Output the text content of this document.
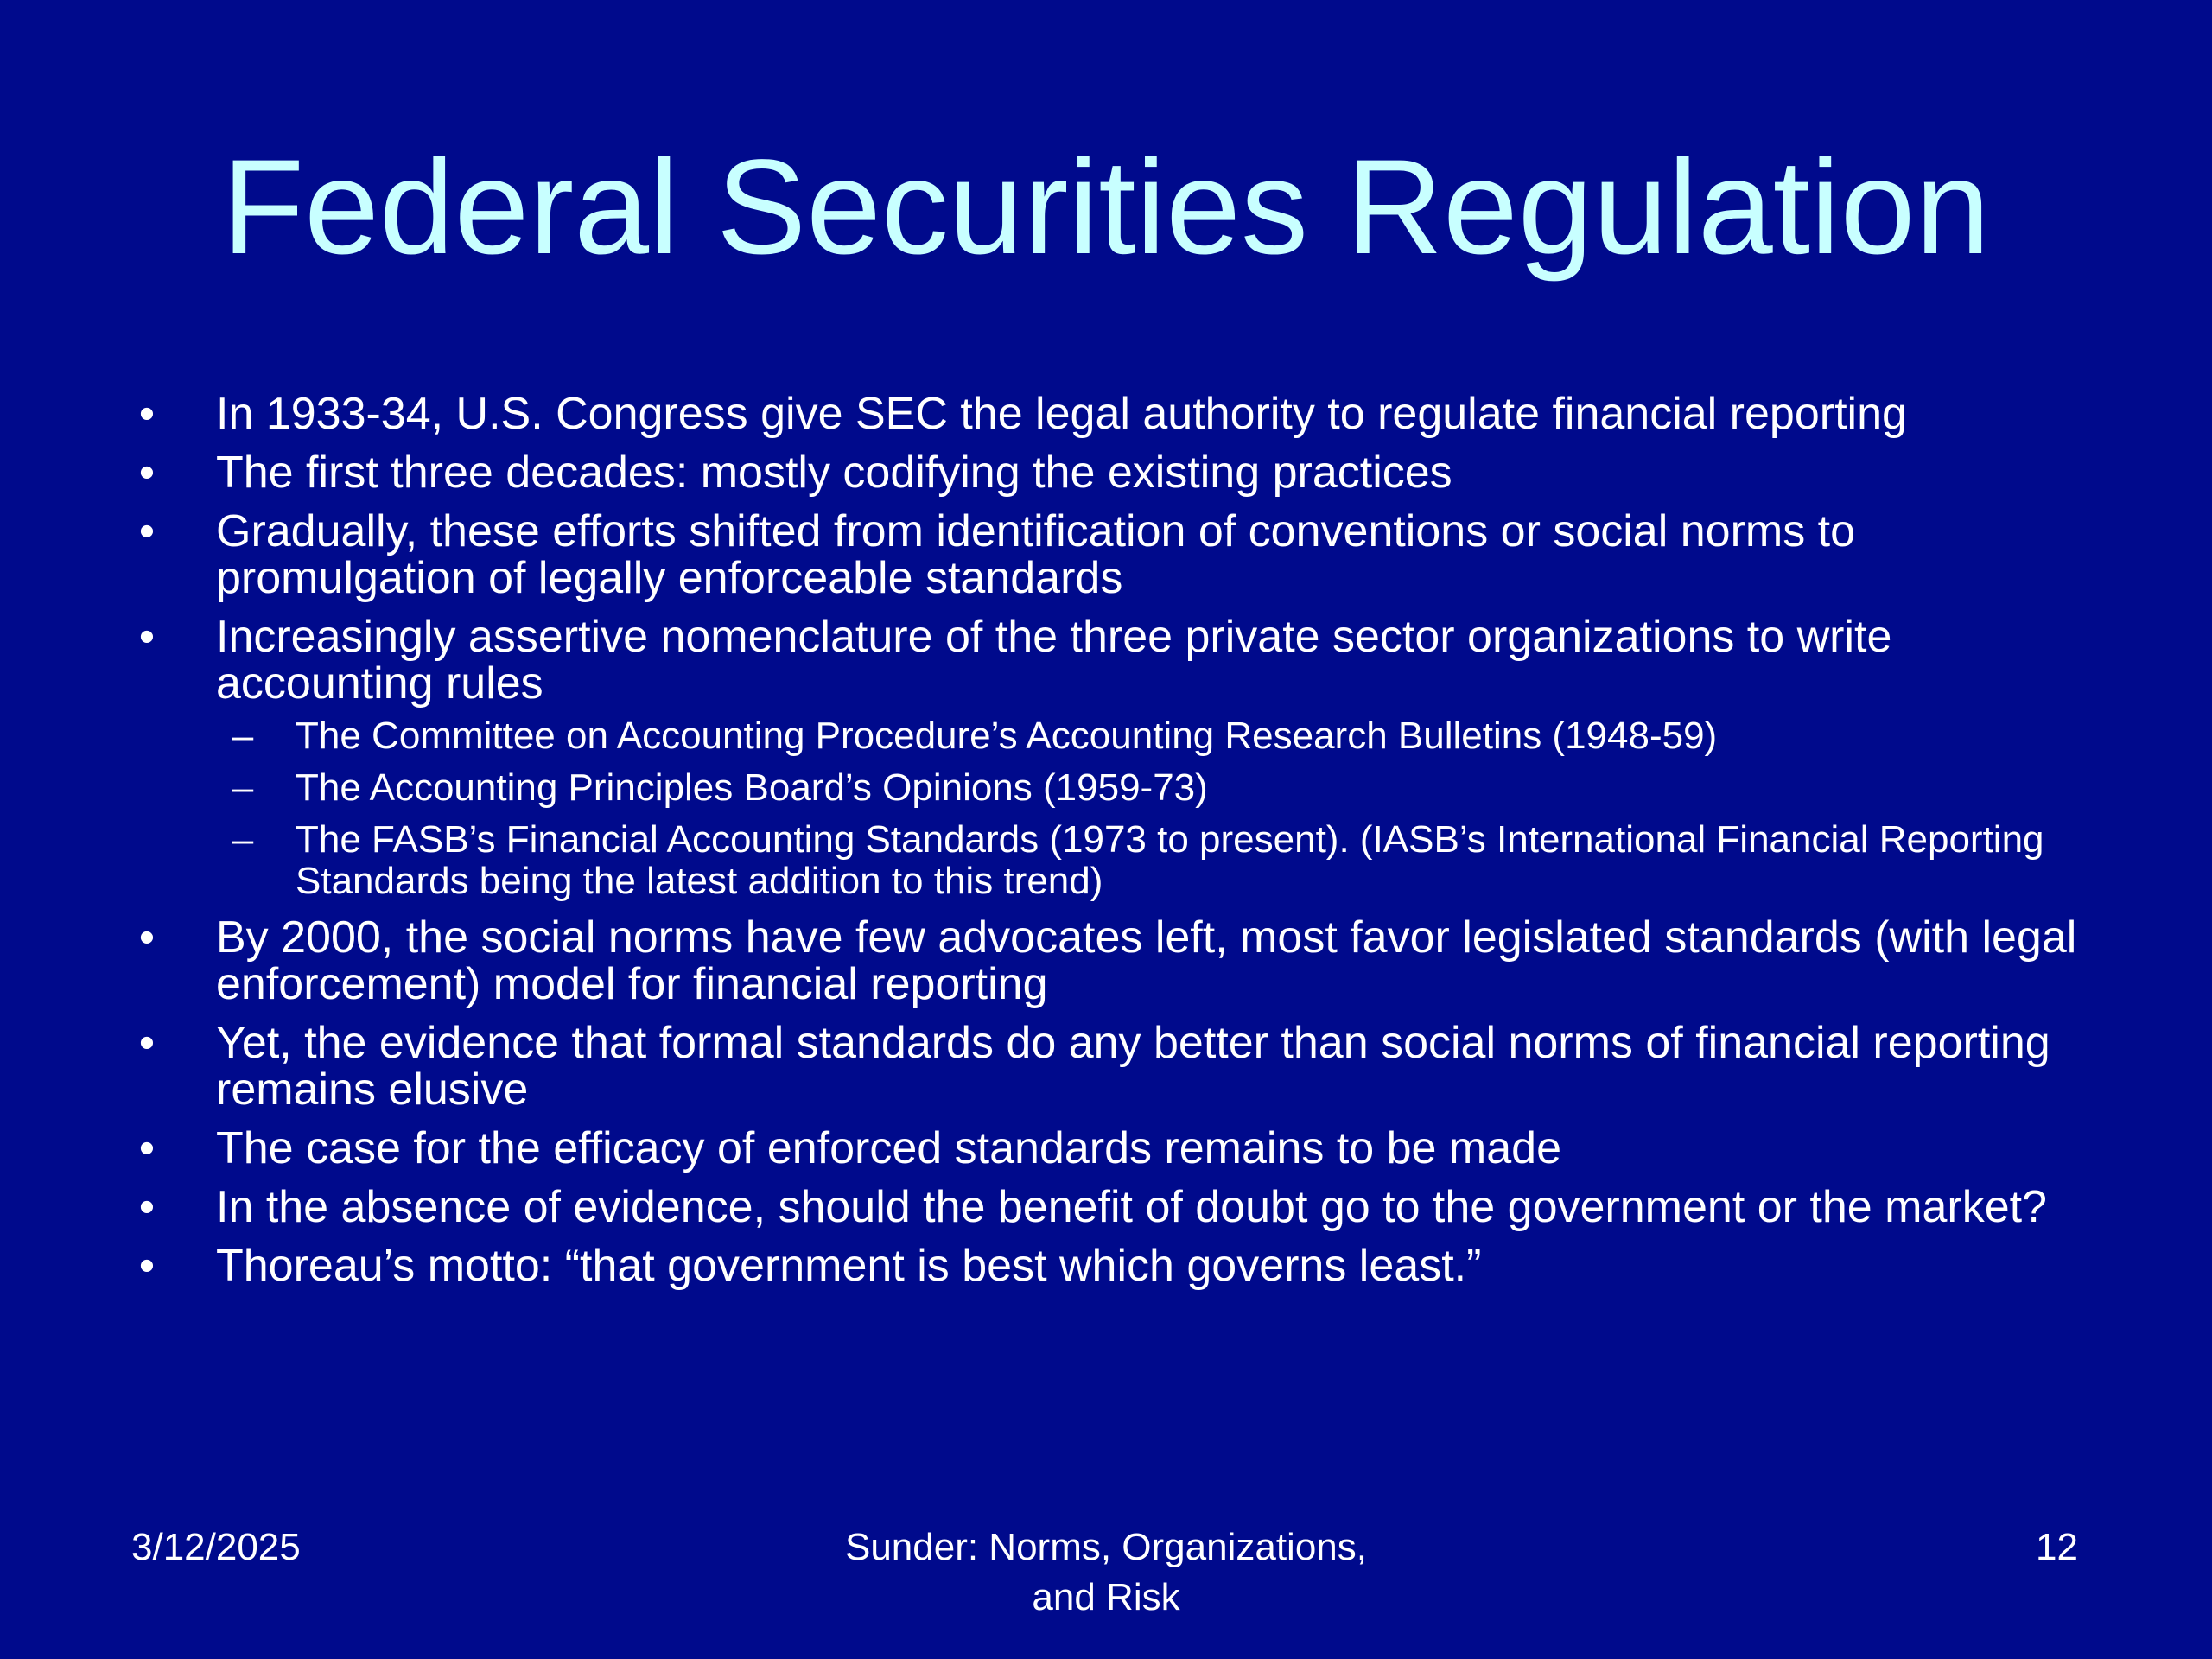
Federal Securities Regulation
• In 1933-34, U.S. Congress give SEC the legal authority to regulate financial reporting
• The first three decades: mostly codifying the existing practices
• Gradually, these efforts shifted from identification of conventions or social norms to promulgation of legally enforceable standards
• Increasingly assertive nomenclature of the three private sector organizations to write accounting rules
– The Committee on Accounting Procedure’s Accounting Research Bulletins (1948-59)
– The Accounting Principles Board’s Opinions (1959-73)
– The FASB’s Financial Accounting Standards (1973 to present). (IASB’s International Financial Reporting Standards being the latest addition to this trend)
• By 2000, the social norms have few advocates left, most favor legislated standards (with legal enforcement) model for financial reporting
• Yet, the evidence that formal standards do any better than social norms of financial reporting remains elusive
• The case for the efficacy of enforced standards remains to be made
• In the absence of evidence, should the benefit of doubt go to the government or the market?
• Thoreau’s motto: “that government is best which governs least.”
3/12/2025	Sunder: Norms, Organizations,
and Risk
12
